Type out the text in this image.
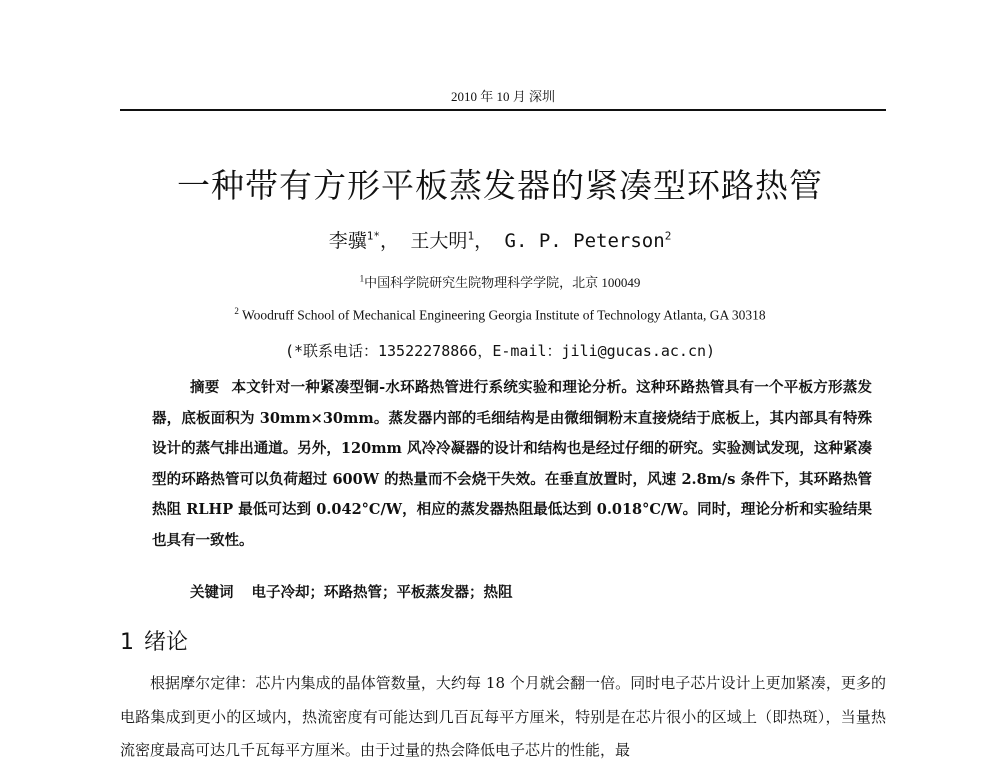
2010 年 10 月 深圳
一种带有方形平板蒸发器的紧凑型环路热管
李骥$^{1*}$， 王大明$^1$， G. P. Peterson$^2$
$^1$中国科学院研究生院物理科学学院，北京 100049
$^2$ Woodruff School of Mechanical Engineering Georgia Institute of Technology Atlanta, GA 30318
(*联系电话：13522278866，E-mail：jili@gucas.ac.cn)
摘要 本文针对一种紧凑型铜-水环路热管进行系统实验和理论分析。这种环路热管具有一个平板方形蒸发器，底板面积为 30mm×30mm。蒸发器内部的毛细结构是由微细铜粉末直接烧结于底板上，其内部具有特殊设计的蒸气排出通道。另外，120mm 风冷冷凝器的设计和结构也是经过仔细的研究。实验测试发现，这种紧凑型的环路热管可以负荷超过 600W 的热量而不会烧干失效。在垂直放置时，风速 2.8m/s 条件下，其环路热管热阻 RLHP 最低可达到 0.042°C/W，相应的蒸发器热阻最低达到 0.018°C/W。同时，理论分析和实验结果也具有一致性。
关键词 电子冷却；环路热管；平板蒸发器；热阻
1 绪论
根据摩尔定律：芯片内集成的晶体管数量，大约每 18 个月就会翻一倍。同时电子芯片设计上更加紧凑，更多的电路集成到更小的区域内，热流密度有可能达到几百瓦每平方厘米，特别是在芯片很小的区域上（即热斑），当量热流密度最高可达几千瓦每平方厘米。由于过量的热会降低电子芯片的性能，最
